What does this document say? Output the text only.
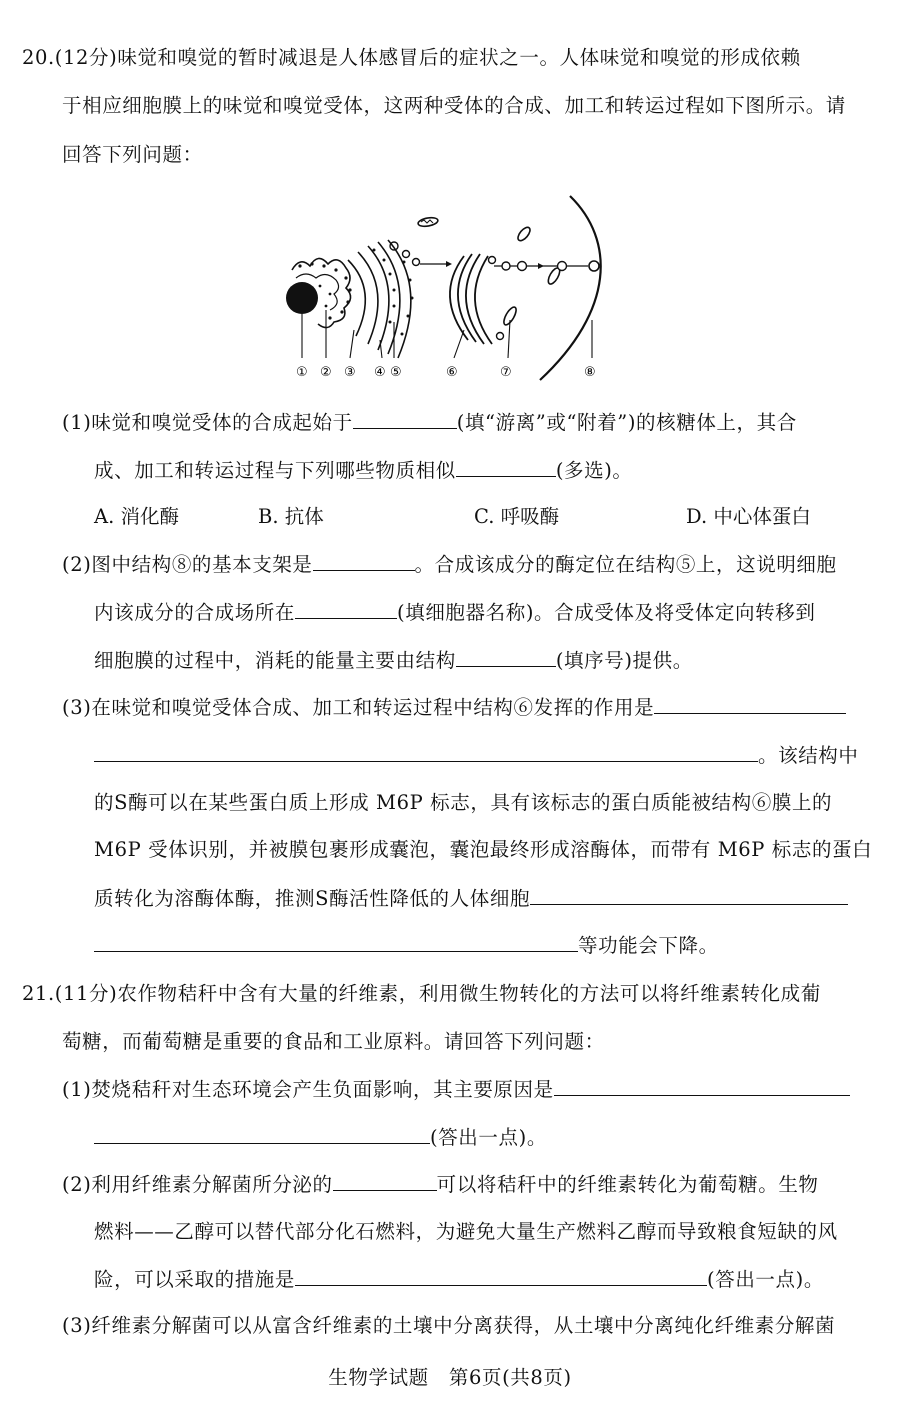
20.(12分)味觉和嗅觉的暂时减退是人体感冒后的症状之一。人体味觉和嗅觉的形成依赖
于相应细胞膜上的味觉和嗅觉受体，这两种受体的合成、加工和转运过程如下图所示。请
回答下列问题：
① ② ③ ④ ⑤	⑥	⑦	⑧
(1)味觉和嗅觉受体的合成起始于	(填“游离”或“附着”)的核糖体上，其合
成、加工和转运过程与下列哪些物质相似	(多选)。
A. 消化酶	B. 抗体	C. 呼吸酶	D. 中心体蛋白
(2)图中结构⑧的基本支架是	。合成该成分的酶定位在结构⑤上，这说明细胞
内该成分的合成场所在	(填细胞器名称)。合成受体及将受体定向转移到
细胞膜的过程中，消耗的能量主要由结构	(填序号)提供。
(3)在味觉和嗅觉受体合成、加工和转运过程中结构⑥发挥的作用是
。该结构中
的S酶可以在某些蛋白质上形成 M6P 标志，具有该标志的蛋白质能被结构⑥膜上的
M6P 受体识别，并被膜包裹形成囊泡，囊泡最终形成溶酶体，而带有 M6P 标志的蛋白
质转化为溶酶体酶，推测S酶活性降低的人体细胞
等功能会下降。
21.(11分)农作物秸秆中含有大量的纤维素，利用微生物转化的方法可以将纤维素转化成葡
萄糖，而葡萄糖是重要的食品和工业原料。请回答下列问题：
(1)焚烧秸秆对生态环境会产生负面影响，其主要原因是
(答出一点)。
(2)利用纤维素分解菌所分泌的	可以将秸秆中的纤维素转化为葡萄糖。生物
燃料——乙醇可以替代部分化石燃料，为避免大量生产燃料乙醇而导致粮食短缺的风
险，可以采取的措施是	(答出一点)。
(3)纤维素分解菌可以从富含纤维素的土壤中分离获得，从土壤中分离纯化纤维素分解菌
生物学试题　第6页(共8页)
